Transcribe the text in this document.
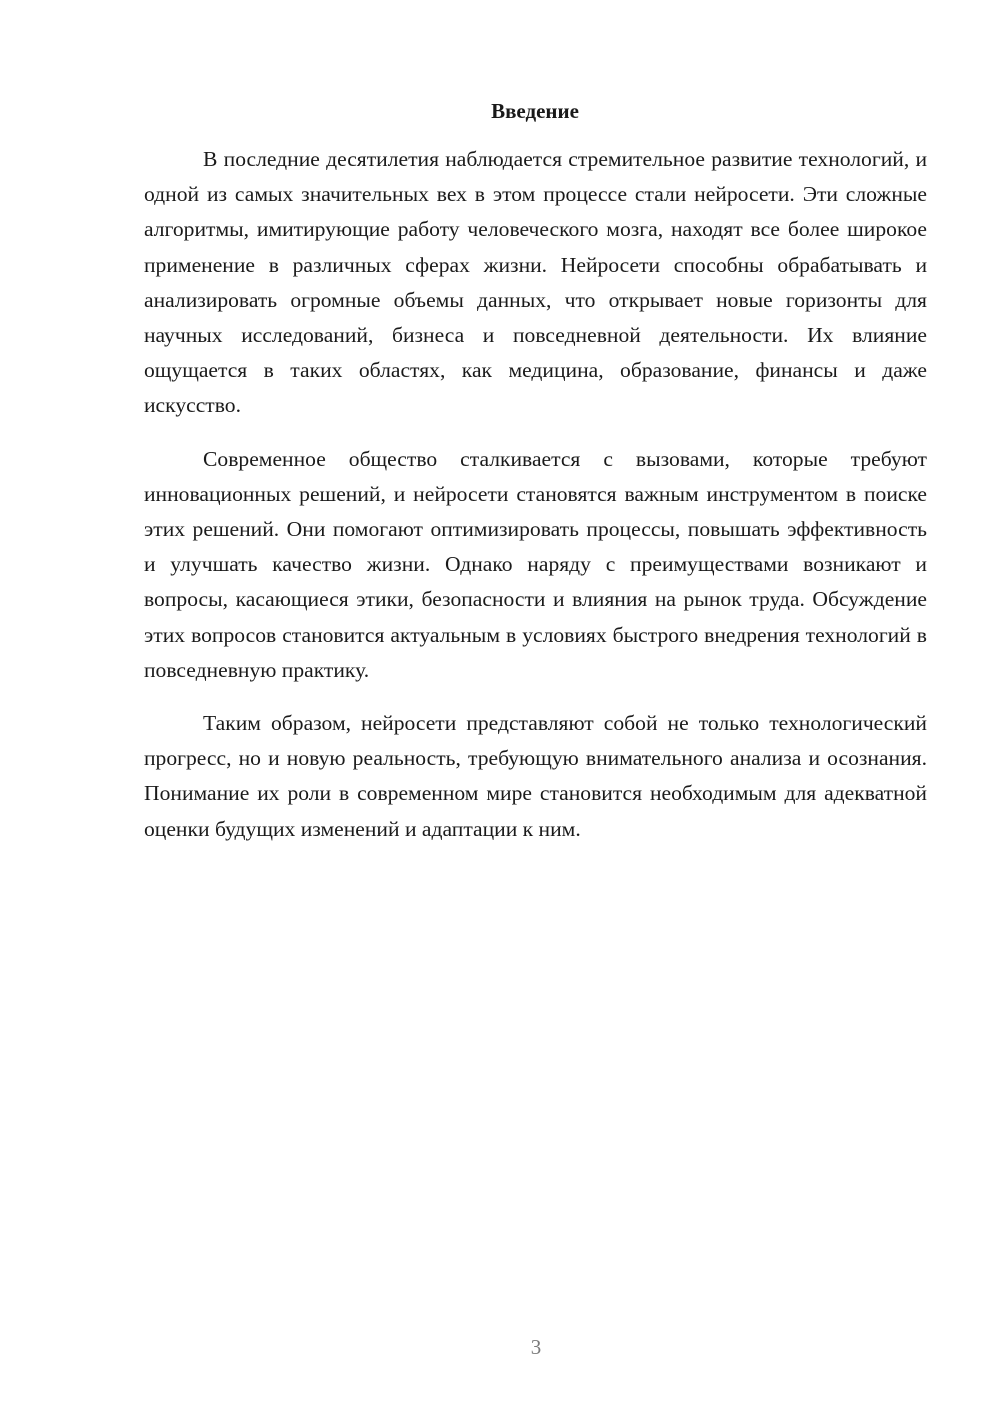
Введение

В последние десятилетия наблюдается стремительное развитие технологий, и одной из самых значительных вех в этом процессе стали нейросети. Эти сложные алгоритмы, имитирующие работу человеческого мозга, находят все более широкое применение в различных сферах жизни. Нейросети способны обрабатывать и анализировать огромные объемы данных, что открывает новые горизонты для научных исследований, бизнеса и повседневной деятельности. Их влияние ощущается в таких областях, как медицина, образование, финансы и даже искусство.

Современное общество сталкивается с вызовами, которые требуют инновационных решений, и нейросети становятся важным инструментом в поиске этих решений. Они помогают оптимизировать процессы, повышать эффективность и улучшать качество жизни. Однако наряду с преимуществами возникают и вопросы, касающиеся этики, безопасности и влияния на рынок труда. Обсуждение этих вопросов становится актуальным в условиях быстрого внедрения технологий в повседневную практику.

Таким образом, нейросети представляют собой не только технологический прогресс, но и новую реальность, требующую внимательного анализа и осознания. Понимание их роли в современном мире становится необходимым для адекватной оценки будущих изменений и адаптации к ним.

3
